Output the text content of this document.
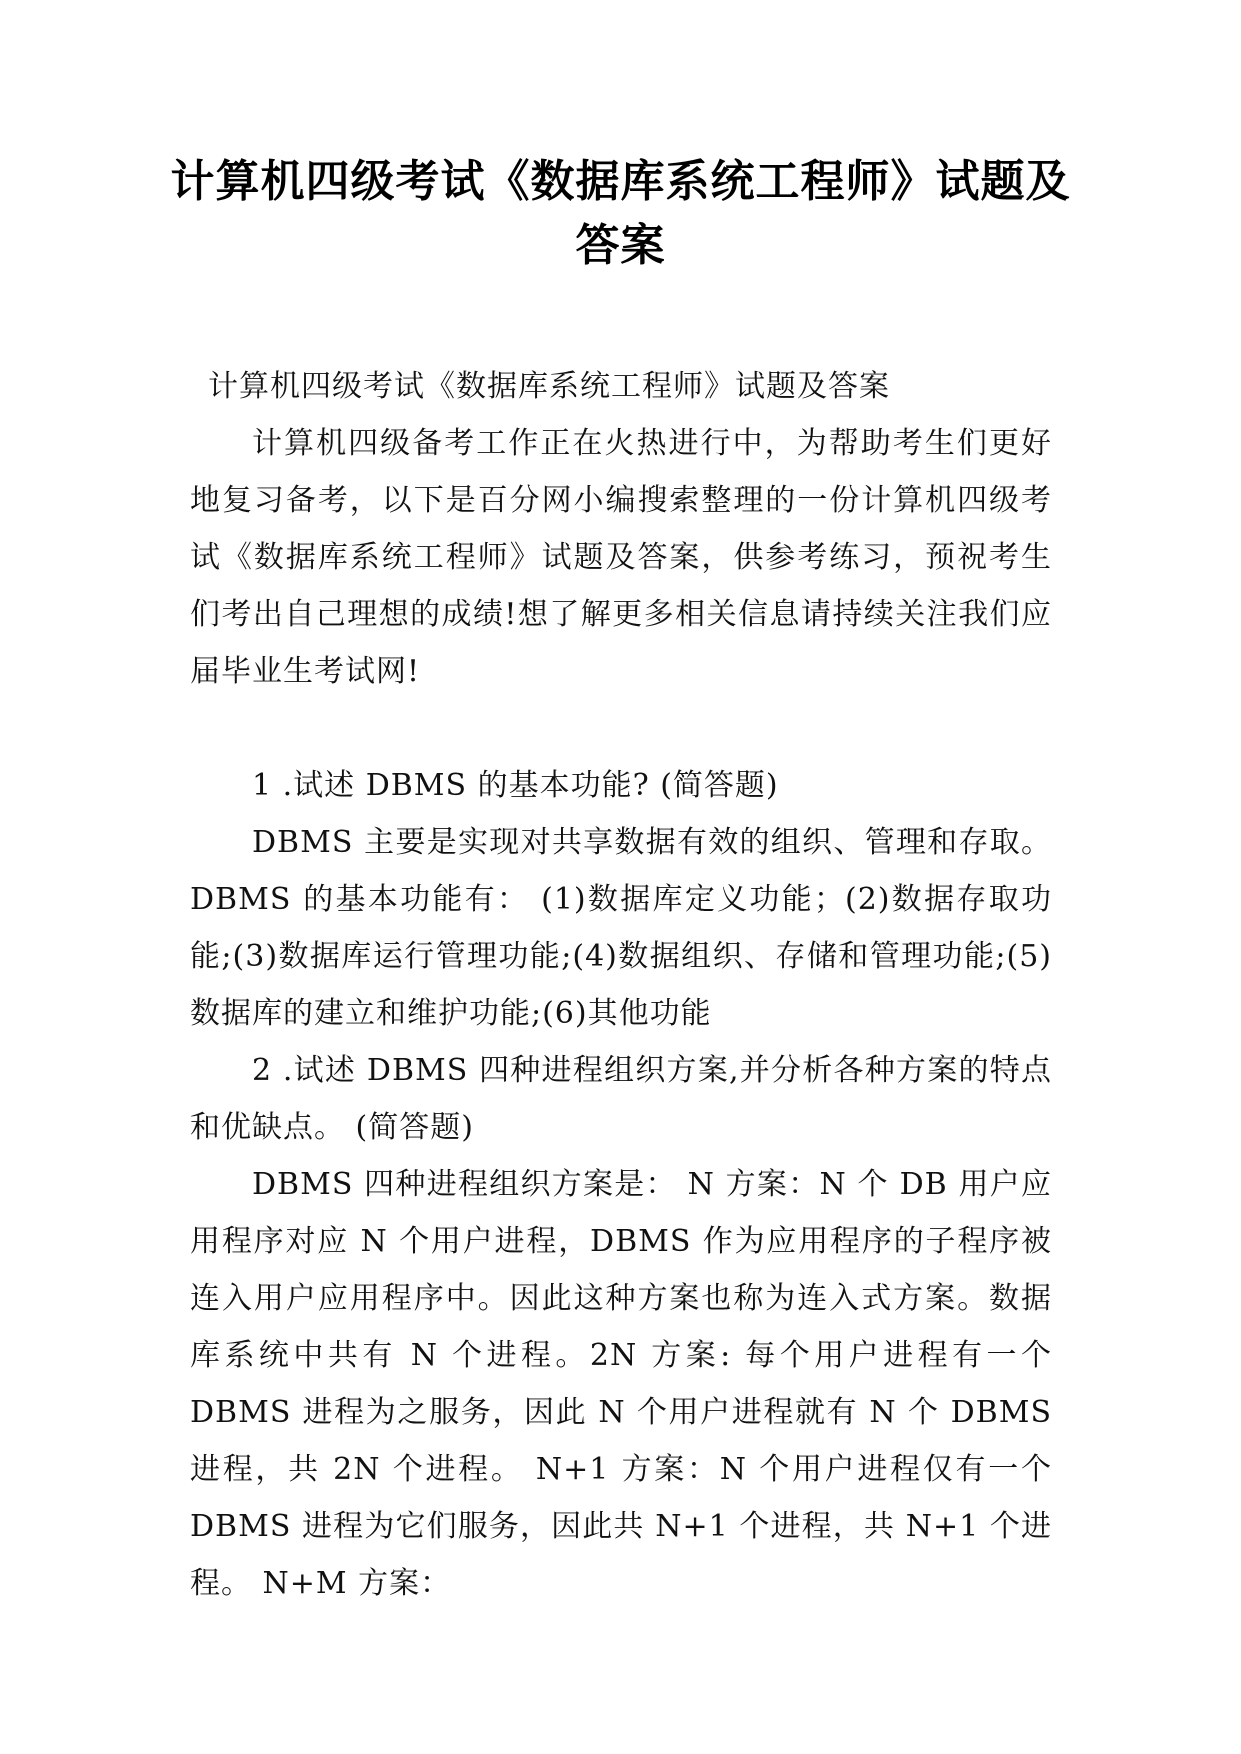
计算机四级考试《数据库系统工程师》试题及答案

计算机四级考试《数据库系统工程师》试题及答案

计算机四级备考工作正在火热进行中，为帮助考生们更好地复习备考，以下是百分网小编搜索整理的一份计算机四级考试《数据库系统工程师》试题及答案，供参考练习，预祝考生们考出自己理想的成绩!想了解更多相关信息请持续关注我们应届毕业生考试网!

1 .试述 DBMS 的基本功能? (简答题)

DBMS 主要是实现对共享数据有效的组织、管理和存取。DBMS 的基本功能有： (1)数据库定义功能；(2)数据存取功能;(3)数据库运行管理功能;(4)数据组织、存储和管理功能;(5)数据库的建立和维护功能;(6)其他功能

2 .试述 DBMS 四种进程组织方案,并分析各种方案的特点和优缺点。 (简答题)

DBMS 四种进程组织方案是： N 方案：N 个 DB 用户应用程序对应 N 个用户进程，DBMS 作为应用程序的子程序被 连入用户应用程序中。因此这种方案也称为连入式方案。数据库系统中共有 N 个进程。2N 方案: 每个用户进程有一个 DBMS 进程为之服务，因此 N 个用户进程就有 N 个 DBMS 进程，共 2N 个进程。 N+1 方案：N 个用户进程仅有一个 DBMS 进程为它们服务，因此共 N+1 个进程，共 N+1 个进程。 N+M 方案：
